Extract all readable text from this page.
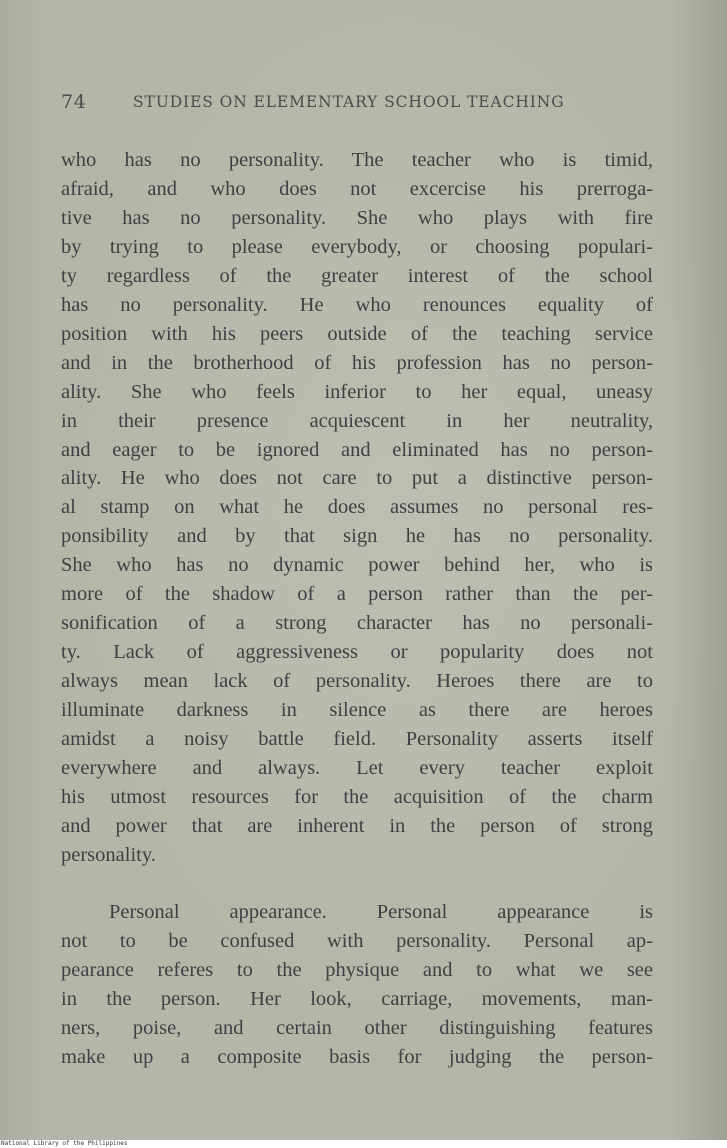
74	STUDIES ON ELEMENTARY SCHOOL TEACHING

who has no personality. The teacher who is timid,
afraid, and who does not excercise his prerroga-
tive has no personality. She who plays with fire
by trying to please everybody, or choosing populari-
ty regardless of the greater interest of the school
has no personality. He who renounces equality of
position with his peers outside of the teaching service
and in the brotherhood of his profession has no person-
ality. She who feels inferior to her equal, uneasy
in their presence acquiescent in her neutrality,
and eager to be ignored and eliminated has no person-
ality. He who does not care to put a distinctive person-
al stamp on what he does assumes no personal res-
ponsibility and by that sign he has no personality.
She who has no dynamic power behind her, who is
more of the shadow of a person rather than the per-
sonification of a strong character has no personali-
ty. Lack of aggressiveness or popularity does not
always mean lack of personality. Heroes there are to
illuminate darkness in silence as there are heroes
amidst a noisy battle field. Personality asserts itself
everywhere and always. Let every teacher exploit
his utmost resources for the acquisition of the charm
and power that are inherent in the person of strong
personality.

Personal appearance. Personal appearance is
not to be confused with personality. Personal ap-
pearance referes to the physique and to what we see
in the person. Her look, carriage, movements, man-
ners, poise, and certain other distinguishing features
make up a composite basis for judging the person-

National Library of the Philippines
